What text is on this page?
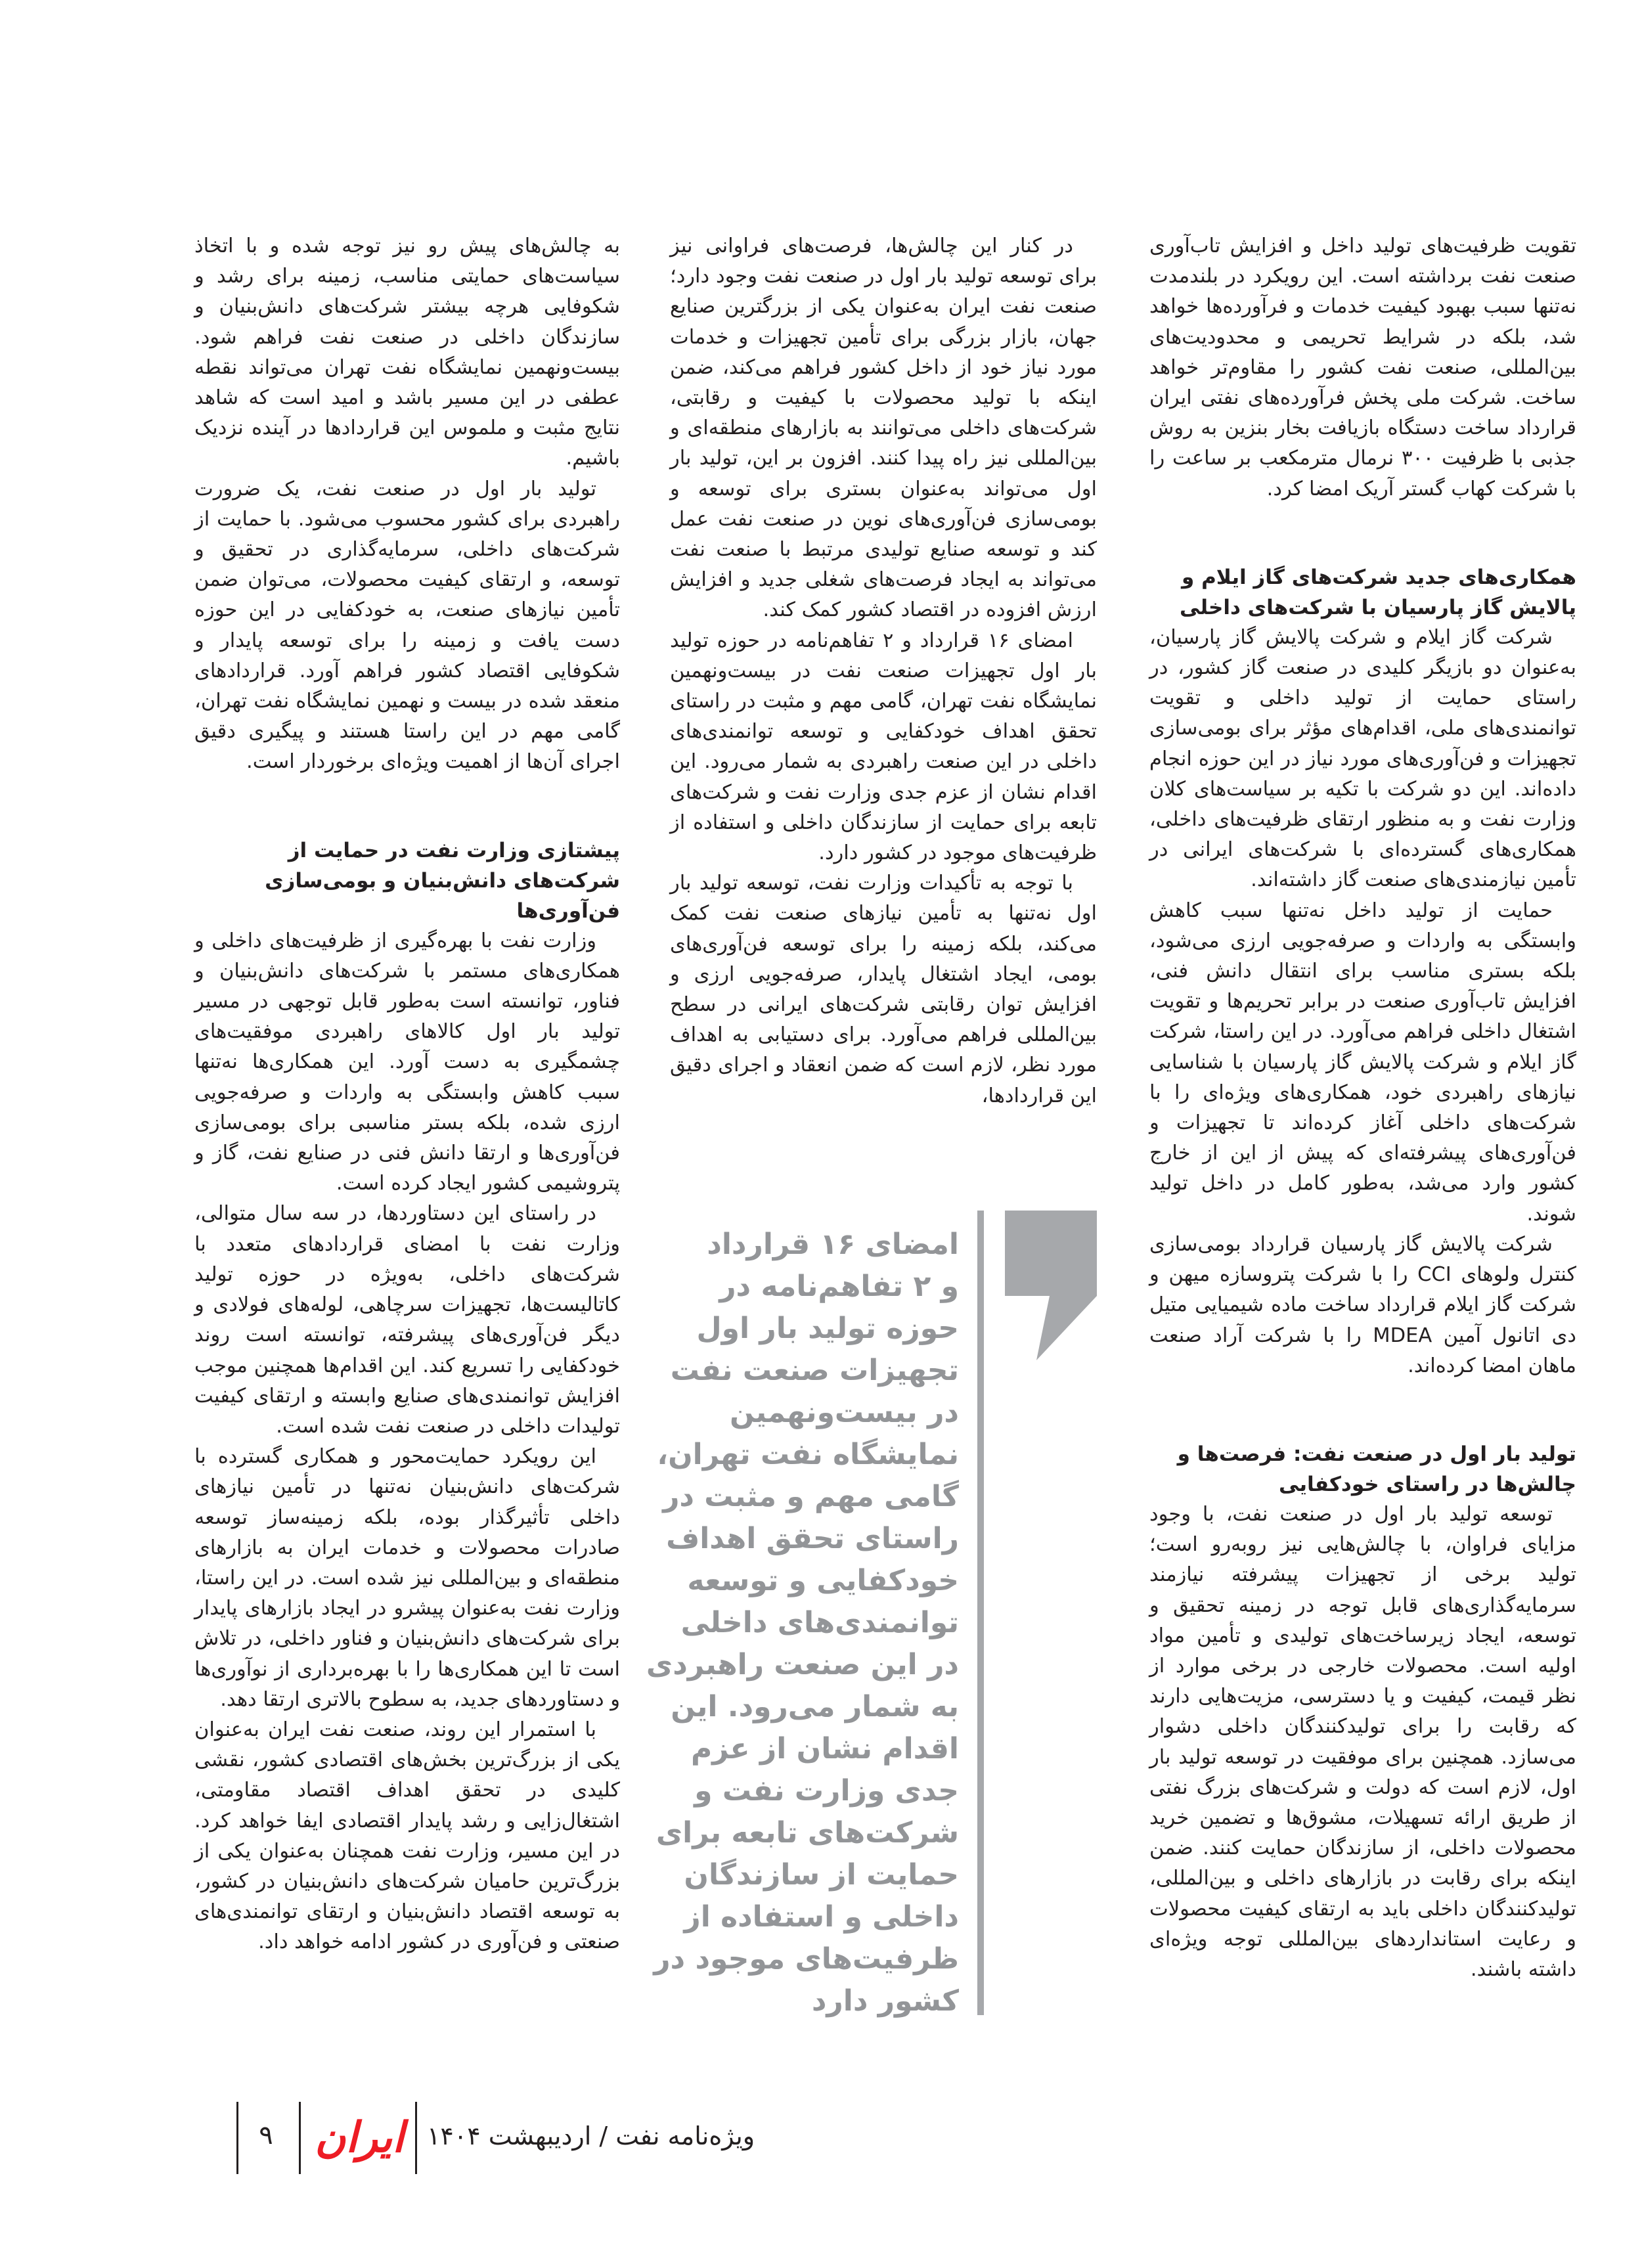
تقویت ظرفیت‌های تولید داخل و افزایش تاب‌آوری صنعت نفت برداشته است. این رویکرد در بلندمدت نه‌تنها سبب بهبود کیفیت خدمات و فرآورده‌ها خواهد شد، بلکه در شرایط تحریمی و محدودیت‌های بین‌المللی، صنعت نفت کشور را مقاوم‌تر خواهد ساخت. شرکت ملی پخش فرآورده‌های نفتی ایران قرارداد ساخت دستگاه بازیافت بخار بنزین به روش جذبی با ظرفیت ۳۰۰ نرمال مترمکعب بر ساعت را با شرکت کهاب گستر آریک امضا کرد.

همکاری‌های جدید شرکت‌های گاز ایلام و پالایش گاز پارسیان با شرکت‌های داخلی

شرکت گاز ایلام و شرکت پالایش گاز پارسیان، به‌عنوان دو بازیگر کلیدی در صنعت گاز کشور، در راستای حمایت از تولید داخلی و تقویت توانمندی‌های ملی، اقدام‌های مؤثر برای بومی‌سازی تجهیزات و فن‌آوری‌های مورد نیاز در این حوزه انجام داده‌اند. این دو شرکت با تکیه بر سیاست‌های کلان وزارت نفت و به منظور ارتقای ظرفیت‌های داخلی، همکاری‌های گسترده‌ای با شرکت‌های ایرانی در تأمین نیازمندی‌های صنعت گاز داشته‌اند.

حمایت از تولید داخل نه‌تنها سبب کاهش وابستگی به واردات و صرفه‌جویی ارزی می‌شود، بلکه بستری مناسب برای انتقال دانش فنی، افزایش تاب‌آوری صنعت در برابر تحریم‌ها و تقویت اشتغال داخلی فراهم می‌آورد. در این راستا، شرکت گاز ایلام و شرکت پالایش گاز پارسیان با شناسایی نیازهای راهبردی خود، همکاری‌های ویژه‌ای را با شرکت‌های داخلی آغاز کرده‌اند تا تجهیزات و فن‌آوری‌های پیشرفته‌ای که پیش از این از خارج کشور وارد می‌شد، به‌طور کامل در داخل تولید شوند.

شرکت پالایش گاز پارسیان قرارداد بومی‌سازی کنترل ولوهای CCI را با شرکت پتروسازه میهن و شرکت گاز ایلام قرارداد ساخت ماده شیمیایی متیل دی اتانول آمین MDEA را با شرکت آراد صنعت ماهان امضا کرده‌اند.

تولید بار اول در صنعت نفت: فرصت‌ها و چالش‌ها در راستای خودکفایی

توسعه تولید بار اول در صنعت نفت، با وجود مزایای فراوان، با چالش‌هایی نیز روبه‌رو است؛ تولید برخی از تجهیزات پیشرفته نیازمند سرمایه‌گذاری‌های قابل توجه در زمینه تحقیق و توسعه، ایجاد زیرساخت‌های تولیدی و تأمین مواد اولیه است. محصولات خارجی در برخی موارد از نظر قیمت، کیفیت و یا دسترسی، مزیت‌هایی دارند که رقابت را برای تولیدکنندگان داخلی دشوار می‌سازد. همچنین برای موفقیت در توسعه تولید بار اول، لازم است که دولت و شرکت‌های بزرگ نفتی از طریق ارائه تسهیلات، مشوق‌ها و تضمین خرید محصولات داخلی، از سازندگان حمایت کنند. ضمن اینکه برای رقابت در بازارهای داخلی و بین‌المللی، تولیدکنندگان داخلی باید به ارتقای کیفیت محصولات و رعایت استانداردهای بین‌المللی توجه ویژه‌ای داشته باشند.

در کنار این چالش‌ها، فرصت‌های فراوانی نیز برای توسعه تولید بار اول در صنعت نفت وجود دارد؛ صنعت نفت ایران به‌عنوان یکی از بزرگترین صنایع جهان، بازار بزرگی برای تأمین تجهیزات و خدمات مورد نیاز خود از داخل کشور فراهم می‌کند، ضمن اینکه با تولید محصولات با کیفیت و رقابتی، شرکت‌های داخلی می‌توانند به بازارهای منطقه‌ای و بین‌المللی نیز راه پیدا کنند. افزون بر این، تولید بار اول می‌تواند به‌عنوان بستری برای توسعه و بومی‌سازی فن‌آوری‌های نوین در صنعت نفت عمل کند و توسعه صنایع تولیدی مرتبط با صنعت نفت می‌تواند به ایجاد فرصت‌های شغلی جدید و افزایش ارزش افزوده در اقتصاد کشور کمک کند.

امضای ۱۶ قرارداد و ۲ تفاهم‌نامه در حوزه تولید بار اول تجهیزات صنعت نفت در بیست‌ونهمین نمایشگاه نفت تهران، گامی مهم و مثبت در راستای تحقق اهداف خودکفایی و توسعه توانمندی‌های داخلی در این صنعت راهبردی به شمار می‌رود. این اقدام نشان از عزم جدی وزارت نفت و شرکت‌های تابعه برای حمایت از سازندگان داخلی و استفاده از ظرفیت‌های موجود در کشور دارد.

با توجه به تأکیدات وزارت نفت، توسعه تولید بار اول نه‌تنها به تأمین نیازهای صنعت نفت کمک می‌کند، بلکه زمینه را برای توسعه فن‌آوری‌های بومی، ایجاد اشتغال پایدار، صرفه‌جویی ارزی و افزایش توان رقابتی شرکت‌های ایرانی در سطح بین‌المللی فراهم می‌آورد. برای دستیابی به اهداف مورد نظر، لازم است که ضمن انعقاد و اجرای دقیق این قراردادها،

امضای ۱۶ قرارداد
و ۲ تفاهم‌نامه در
حوزه تولید بار اول
تجهیزات صنعت نفت
در بیست‌ونهمین
نمایشگاه نفت تهران،
گامی مهم و مثبت در
راستای تحقق اهداف
خودکفایی و توسعه
توانمندی‌های داخلی
در این صنعت راهبردی
به شمار می‌رود. این
اقدام نشان از عزم
جدی وزارت نفت و
شرکت‌های تابعه برای
حمایت از سازندگان
داخلی و استفاده از
ظرفیت‌های موجود در
کشور دارد

به چالش‌های پیش رو نیز توجه شده و با اتخاذ سیاست‌های حمایتی مناسب، زمینه برای رشد و شکوفایی هرچه بیشتر شرکت‌های دانش‌بنیان و سازندگان داخلی در صنعت نفت فراهم شود. بیست‌ونهمین نمایشگاه نفت تهران می‌تواند نقطه عطفی در این مسیر باشد و امید است که شاهد نتایج مثبت و ملموس این قراردادها در آینده نزدیک باشیم.

تولید بار اول در صنعت نفت، یک ضرورت راهبردی برای کشور محسوب می‌شود. با حمایت از شرکت‌های داخلی، سرمایه‌گذاری در تحقیق و توسعه، و ارتقای کیفیت محصولات، می‌توان ضمن تأمین نیازهای صنعت، به خودکفایی در این حوزه دست یافت و زمینه را برای توسعه پایدار و شکوفایی اقتصاد کشور فراهم آورد. قراردادهای منعقد شده در بیست و نهمین نمایشگاه نفت تهران، گامی مهم در این راستا هستند و پیگیری دقیق اجرای آن‌ها از اهمیت ویژه‌ای برخوردار است.

پیشتازی وزارت نفت در حمایت از شرکت‌های دانش‌بنیان و بومی‌سازی فن‌آوری‌ها

وزارت نفت با بهره‌گیری از ظرفیت‌های داخلی و همکاری‌های مستمر با شرکت‌های دانش‌بنیان و فناور، توانسته است به‌طور قابل توجهی در مسیر تولید بار اول کالاهای راهبردی موفقیت‌های چشمگیری به دست آورد. این همکاری‌ها نه‌تنها سبب کاهش وابستگی به واردات و صرفه‌جویی ارزی شده، بلکه بستر مناسبی برای بومی‌سازی فن‌آوری‌ها و ارتقا دانش فنی در صنایع نفت، گاز و پتروشیمی کشور ایجاد کرده است.

در راستای این دستاوردها، در سه سال متوالی، وزارت نفت با امضای قراردادهای متعدد با شرکت‌های داخلی، به‌ویژه در حوزه تولید کاتالیست‌ها، تجهیزات سرچاهی، لوله‌های فولادی و دیگر فن‌آوری‌های پیشرفته، توانسته است روند خودکفایی را تسریع کند. این اقدام‌ها همچنین موجب افزایش توانمندی‌های صنایع وابسته و ارتقای کیفیت تولیدات داخلی در صنعت نفت شده است.

این رویکرد حمایت‌محور و همکاری گسترده با شرکت‌های دانش‌بنیان نه‌تنها در تأمین نیازهای داخلی تأثیرگذار بوده، بلکه زمینه‌ساز توسعه صادرات محصولات و خدمات ایران به بازارهای منطقه‌ای و بین‌المللی نیز شده است. در این راستا، وزارت نفت به‌عنوان پیشرو در ایجاد بازارهای پایدار برای شرکت‌های دانش‌بنیان و فناور داخلی، در تلاش است تا این همکاری‌ها را با بهره‌برداری از نوآوری‌ها و دستاوردهای جدید، به سطوح بالاتری ارتقا دهد.

با استمرار این روند، صنعت نفت ایران به‌عنوان یکی از بزرگ‌ترین بخش‌های اقتصادی کشور، نقشی کلیدی در تحقق اهداف اقتصاد مقاومتی، اشتغال‌زایی و رشد پایدار اقتصادی ایفا خواهد کرد. در این مسیر، وزارت نفت همچنان به‌عنوان یکی از بزرگ‌ترین حامیان شرکت‌های دانش‌بنیان در کشور، به توسعه اقتصاد دانش‌بنیان و ارتقای توانمندی‌های صنعتی و فن‌آوری در کشور ادامه خواهد داد.

۹ ایران ویژه‌نامه نفت / اردیبهشت ۱۴۰۴
